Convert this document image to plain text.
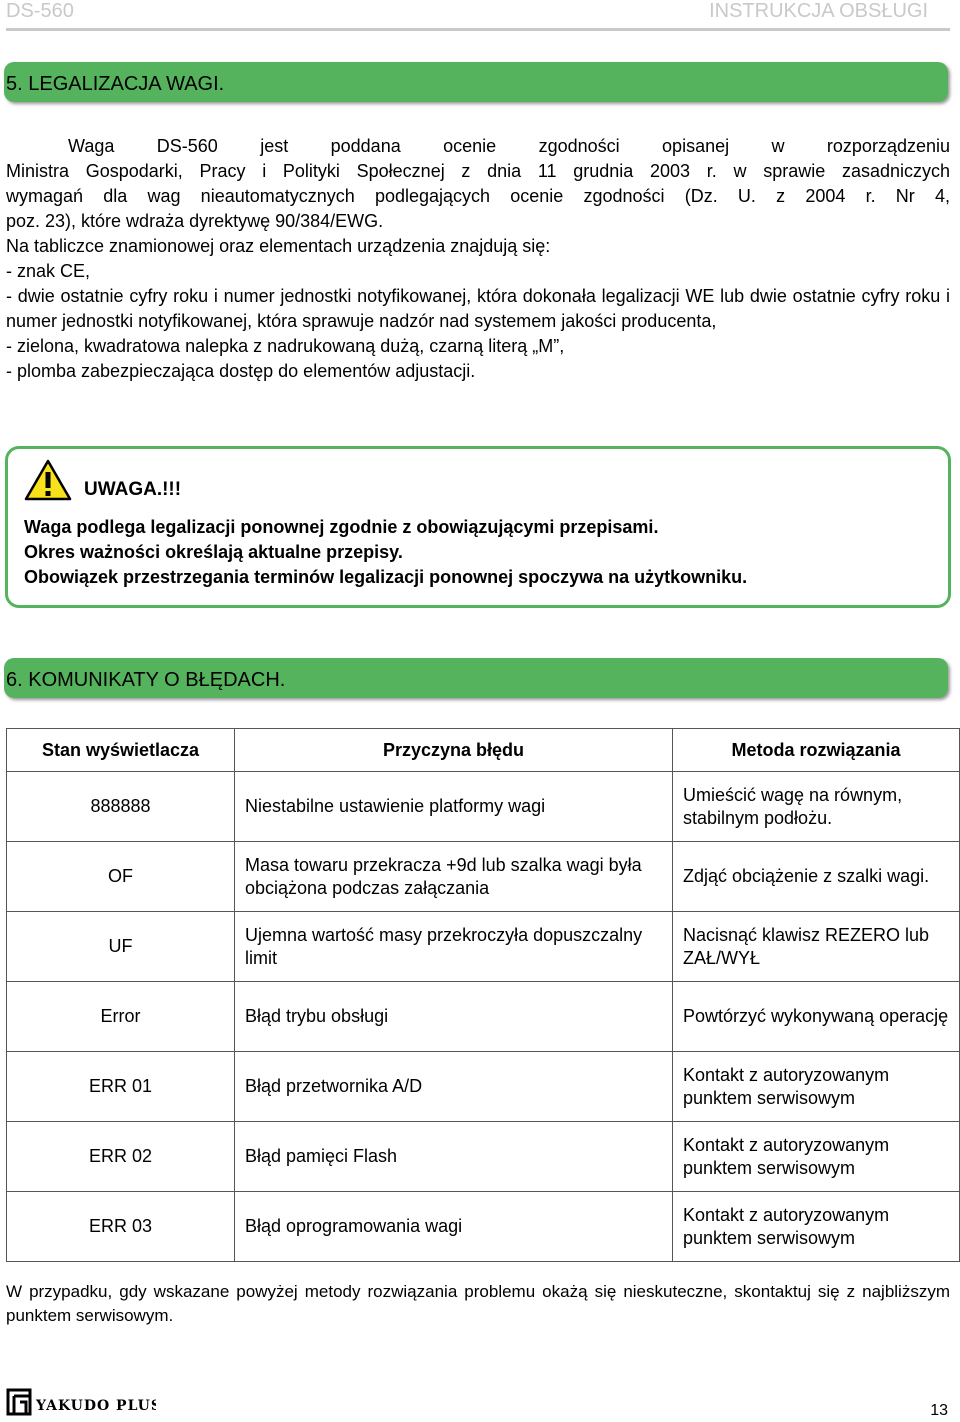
DS-560	INSTRUKCJA OBSŁUGI
5. LEGALIZACJA WAGI.
Waga DS-560 jest poddana ocenie zgodności opisanej w rozporządzeniu
Ministra Gospodarki, Pracy i Polityki Społecznej z dnia 11 grudnia 2003 r. w sprawie zasadniczych
wymagań dla wag nieautomatycznych podlegających ocenie zgodności (Dz. U. z 2004 r. Nr 4,
poz. 23), które wdraża dyrektywę 90/384/EWG.
Na tabliczce znamionowej oraz elementach urządzenia znajdują się:
- znak CE,
- dwie ostatnie cyfry roku i numer jednostki notyfikowanej, która dokonała legalizacji WE lub dwie ostatnie cyfry roku i numer jednostki notyfikowanej, która sprawuje nadzór nad systemem jakości producenta,
- zielona, kwadratowa nalepka z nadrukowaną dużą, czarną literą „M”,
- plomba zabezpieczająca dostęp do elementów adjustacji.
UWAGA.!!!
Waga podlega legalizacji ponownej zgodnie z obowiązującymi przepisami.
Okres ważności określają aktualne przepisy.
Obowiązek przestrzegania terminów legalizacji ponownej spoczywa na użytkowniku.
6. KOMUNIKATY O BŁĘDACH.
Stan wyświetlacza	Przyczyna błędu	Metoda rozwiązania
888888	Niestabilne ustawienie platformy wagi	Umieścić wagę na równym, stabilnym podłożu.
OF	Masa towaru przekracza +9d lub szalka wagi była obciążona podczas załączania	Zdjąć obciążenie z szalki wagi.
UF	Ujemna wartość masy przekroczyła dopuszczalny limit	Nacisnąć klawisz REZERO lub ZAŁ/WYŁ
Error	Błąd trybu obsługi	Powtórzyć wykonywaną operację
ERR 01	Błąd przetwornika A/D	Kontakt z autoryzowanym punktem serwisowym
ERR 02	Błąd pamięci Flash	Kontakt z autoryzowanym punktem serwisowym
ERR 03	Błąd oprogramowania wagi	Kontakt z autoryzowanym punktem serwisowym
W przypadku, gdy wskazane powyżej metody rozwiązania problemu okażą się nieskuteczne, skontaktuj się z najbliższym punktem serwisowym.
YAKUDO PLUS	13
